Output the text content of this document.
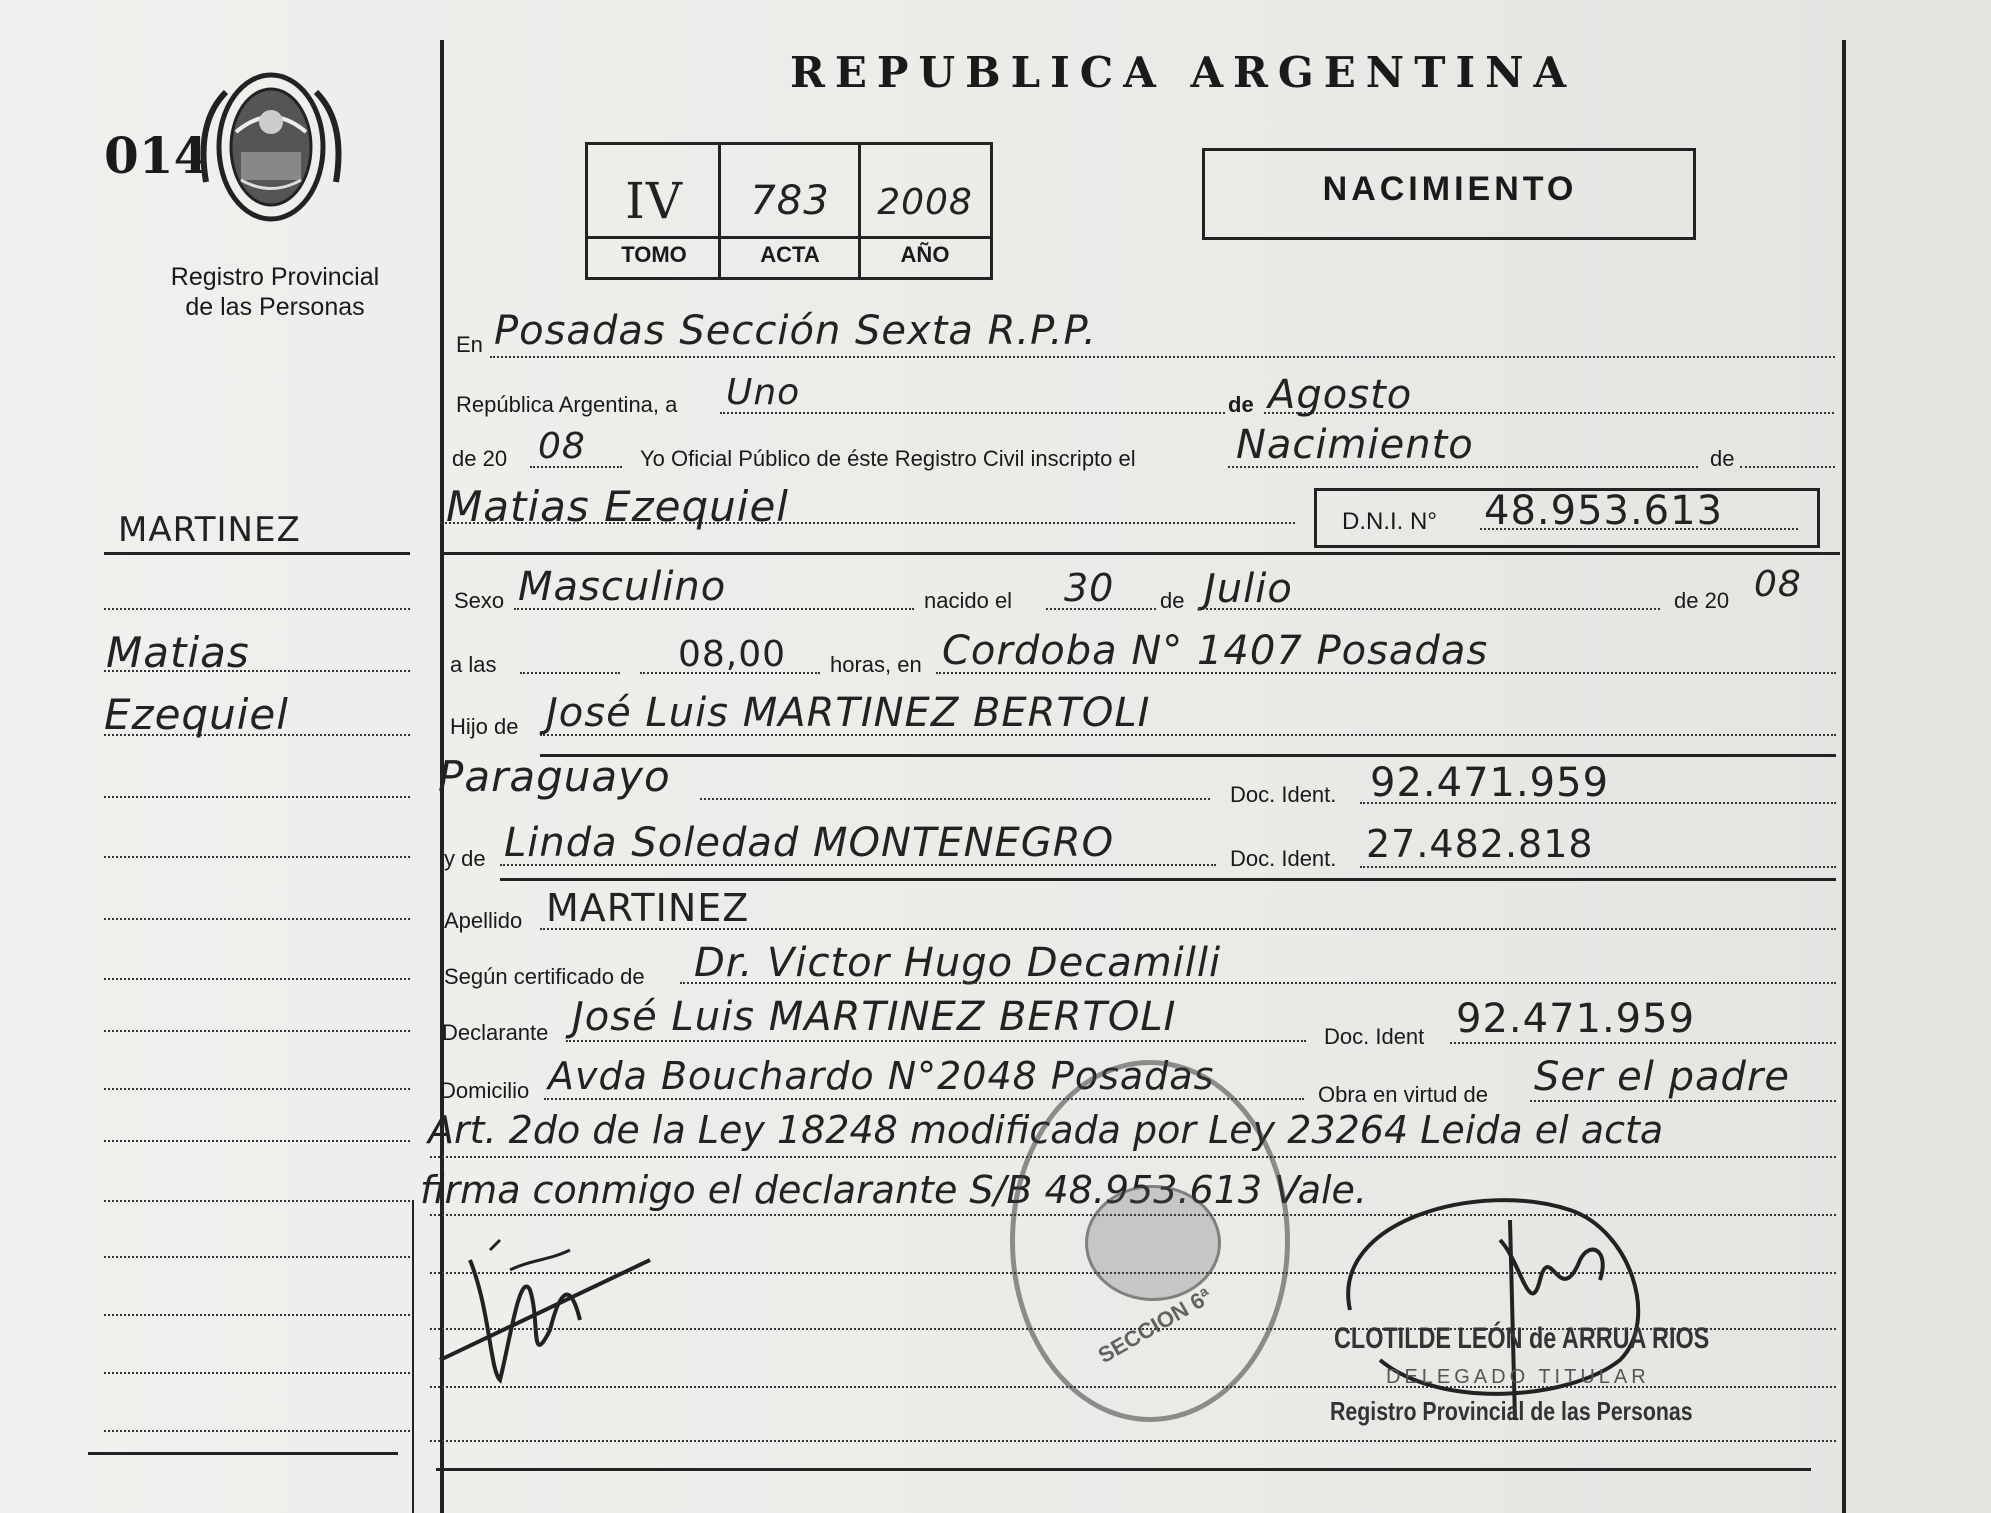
014
Registro Provincial
de las Personas
MARTINEZ
Matias
Ezequiel
REPUBLICA ARGENTINA
IV	783	2008
TOMO	ACTA	AÑO
NACIMIENTO
En Posadas Sección Sexta R.P.P.
República Argentina, a Uno	de Agosto
de 20 08 Yo Oficial Público de éste Registro Civil inscripto el	Nacimiento	de
Matias Ezequiel	D.N.I. N° 48.953.613
Sexo Masculino	nacido el 30 de Julio	de 20 08
a las	08,00 horas, en Cordoba N° 1407 Posadas
Hijo de José Luis MARTINEZ BERTOLI
Paraguayo	Doc. Ident. 92.471.959
y de Linda Soledad MONTENEGRO	Doc. Ident. 27.482.818
Apellido MARTINEZ
Según certificado de Dr. Victor Hugo Decamilli
Declarante José Luis MARTINEZ BERTOLI	Doc. Ident 92.471.959
Domicilio Avda Bouchardo N°2048 Posadas	Obra en virtud de Ser el padre
Art. 2do de la Ley 18248 modificada por Ley 23264 Leida el acta
firma conmigo el declarante S/B 48.953.613 Vale.
SECCION 6ª	CLOTILDE LEÓN de ARRUA RIOS
DELEGADO TITULAR
Registro Provincial de las Personas
